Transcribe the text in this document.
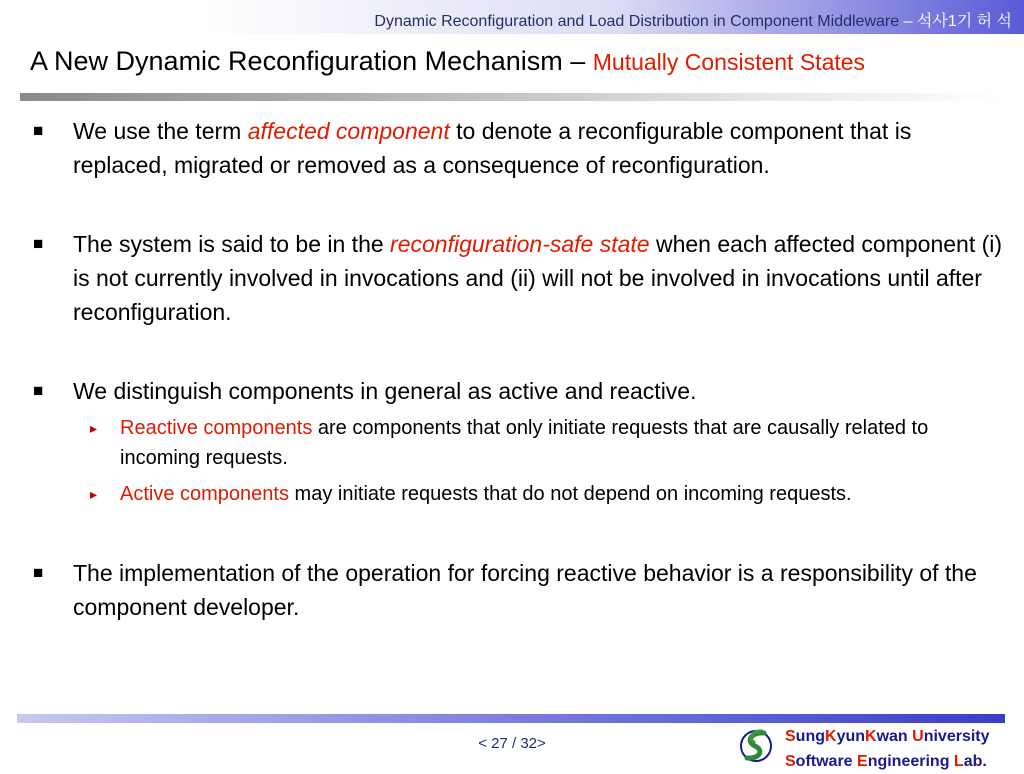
Dynamic Reconfiguration and Load Distribution in Component Middleware – 석사1기 허 석
A New Dynamic Reconfiguration Mechanism – Mutually Consistent States
■ We use the term affected component to denote a reconfigurable component that is replaced, migrated or removed as a consequence of reconfiguration.
■ The system is said to be in the reconfiguration-safe state when each affected component (i) is not currently involved in invocations and (ii) will not be involved in invocations until after reconfiguration.
■ We distinguish components in general as active and reactive.
▸ Reactive components are components that only initiate requests that are causally related to incoming requests.
▸ Active components may initiate requests that do not depend on incoming requests.
■ The implementation of the operation for forcing reactive behavior is a responsibility of the component developer.
< 27 / 32>	SungKyunKwan University
Software Engineering Lab.
